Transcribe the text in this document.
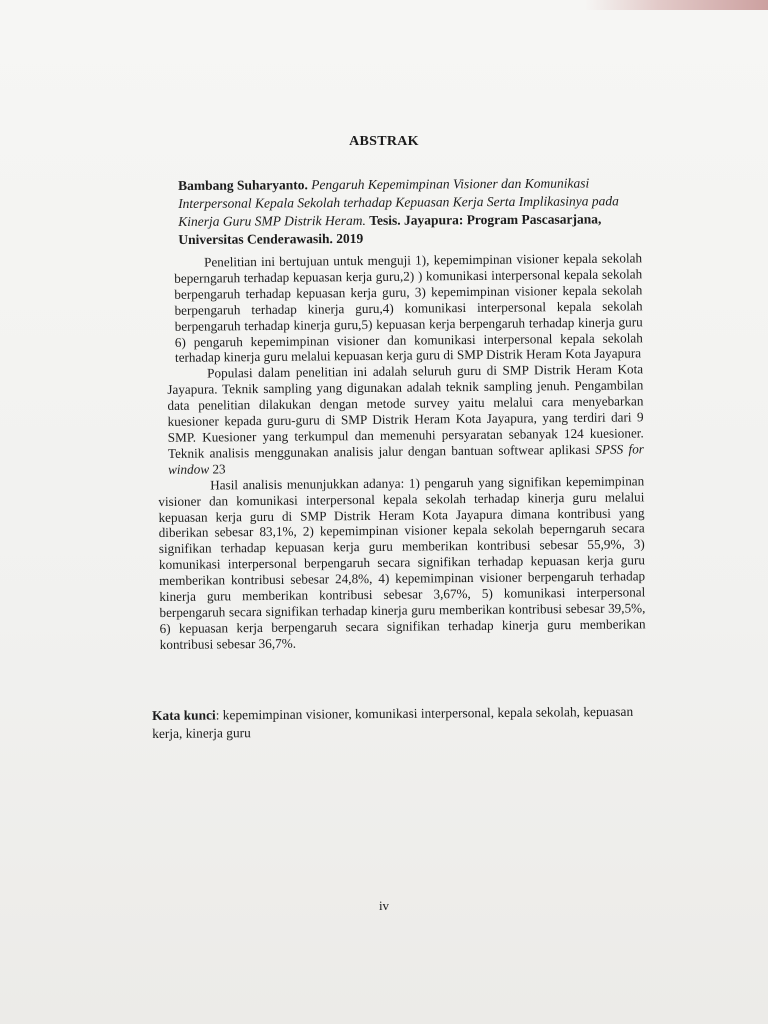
ABSTRAK
Bambang Suharyanto. Pengaruh Kepemimpinan Visioner dan Komunikasi Interpersonal Kepala Sekolah terhadap Kepuasan Kerja Serta Implikasinya pada Kinerja Guru SMP Distrik Heram. Tesis. Jayapura: Program Pascasarjana, Universitas Cenderawasih. 2019

Penelitian ini bertujuan untuk menguji 1), kepemimpinan visioner kepala sekolah beperngaruh terhadap kepuasan kerja guru,2) ) komunikasi interpersonal kepala sekolah berpengaruh terhadap kepuasan kerja guru, 3) kepemimpinan visioner kepala sekolah berpengaruh terhadap kinerja guru,4) komunikasi interpersonal kepala sekolah berpengaruh terhadap kinerja guru,5) kepuasan kerja berpengaruh terhadap kinerja guru 6) pengaruh kepemimpinan visioner dan komunikasi interpersonal kepala sekolah terhadap kinerja guru melalui kepuasan kerja guru di SMP Distrik Heram Kota Jayapura

Populasi dalam penelitian ini adalah seluruh guru di SMP Distrik Heram Kota Jayapura. Teknik sampling yang digunakan adalah teknik sampling jenuh. Pengambilan data penelitian dilakukan dengan metode survey yaitu melalui cara menyebarkan kuesioner kepada guru-guru di SMP Distrik Heram Kota Jayapura, yang terdiri dari 9 SMP. Kuesioner yang terkumpul dan memenuhi persyaratan sebanyak 124 kuesioner. Teknik analisis menggunakan analisis jalur dengan bantuan softwear aplikasi SPSS for window 23

Hasil analisis menunjukkan adanya: 1) pengaruh yang signifikan kepemimpinan visioner dan komunikasi interpersonal kepala sekolah terhadap kinerja guru melalui kepuasan kerja guru di SMP Distrik Heram Kota Jayapura dimana kontribusi yang diberikan sebesar 83,1%, 2) kepemimpinan visioner kepala sekolah beperngaruh secara signifikan terhadap kepuasan kerja guru memberikan kontribusi sebesar 55,9%, 3) komunikasi interpersonal berpengaruh secara signifikan terhadap kepuasan kerja guru memberikan kontribusi sebesar 24,8%, 4) kepemimpinan visioner berpengaruh terhadap kinerja guru memberikan kontribusi sebesar 3,67%, 5) komunikasi interpersonal berpengaruh secara signifikan terhadap kinerja guru memberikan kontribusi sebesar 39,5%, 6) kepuasan kerja berpengaruh secara signifikan terhadap kinerja guru memberikan kontribusi sebesar 36,7%.

Kata kunci: kepemimpinan visioner, komunikasi interpersonal, kepala sekolah, kepuasan kerja, kinerja guru
iv
